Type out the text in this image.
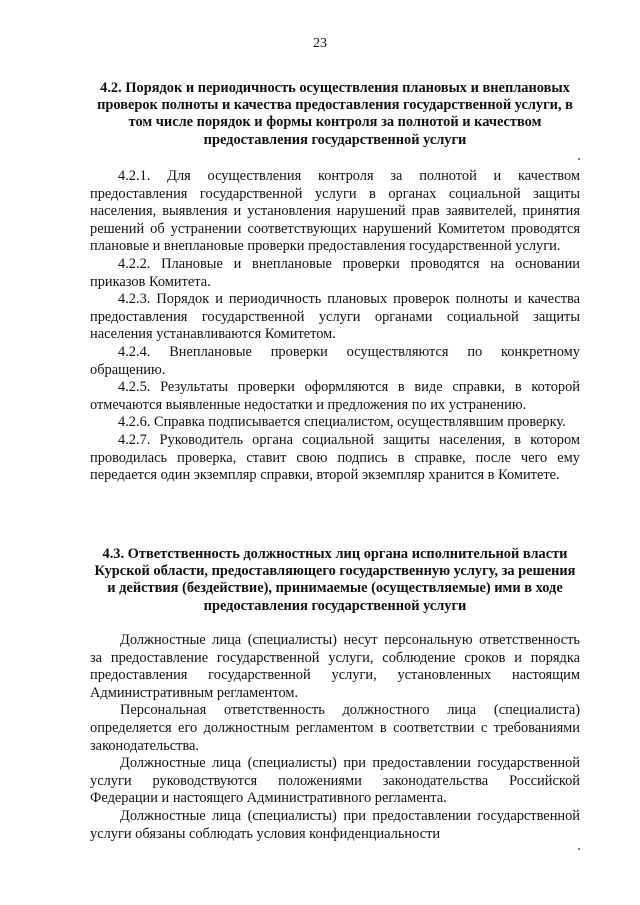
23
4.2. Порядок и периодичность осуществления плановых и внеплановых проверок полноты и качества предоставления государственной услуги, в том числе порядок и формы контроля за полнотой и качеством предоставления государственной услуги

4.2.1. Для осуществления контроля за полнотой и качеством предоставления государственной услуги в органах социальной защиты населения, выявления и установления нарушений прав заявителей, принятия решений об устранении соответствующих нарушений Комитетом проводятся плановые и внеплановые проверки предоставления государственной услуги.

4.2.2. Плановые и внеплановые проверки проводятся на основании приказов Комитета.

4.2.3. Порядок и периодичность плановых проверок полноты и качества предоставления государственной услуги органами социальной защиты населения устанавливаются Комитетом.

4.2.4. Внеплановые проверки осуществляются по конкретному обращению.

4.2.5. Результаты проверки оформляются в виде справки, в которой отмечаются выявленные недостатки и предложения по их устранению.

4.2.6. Справка подписывается специалистом, осуществлявшим проверку.

4.2.7. Руководитель органа социальной защиты населения, в котором проводилась проверка, ставит свою подпись в справке, после чего ему передается один экземпляр справки, второй экземпляр хранится в Комитете.

4.3. Ответственность должностных лиц органа исполнительной власти Курской области, предоставляющего государственную услугу, за решения и действия (бездействие), принимаемые (осуществляемые) ими в ходе предоставления государственной услуги

Должностные лица (специалисты) несут персональную ответственность за предоставление государственной услуги, соблюдение сроков и порядка предоставления государственной услуги, установленных настоящим Административным регламентом.

Персональная ответственность должностного лица (специалиста) определяется его должностным регламентом в соответствии с требованиями законодательства.

Должностные лица (специалисты) при предоставлении государственной услуги руководствуются положениями законодательства Российской Федерации и настоящего Административного регламента.

Должностные лица (специалисты) при предоставлении государственной услуги обязаны соблюдать условия конфиденциальности
